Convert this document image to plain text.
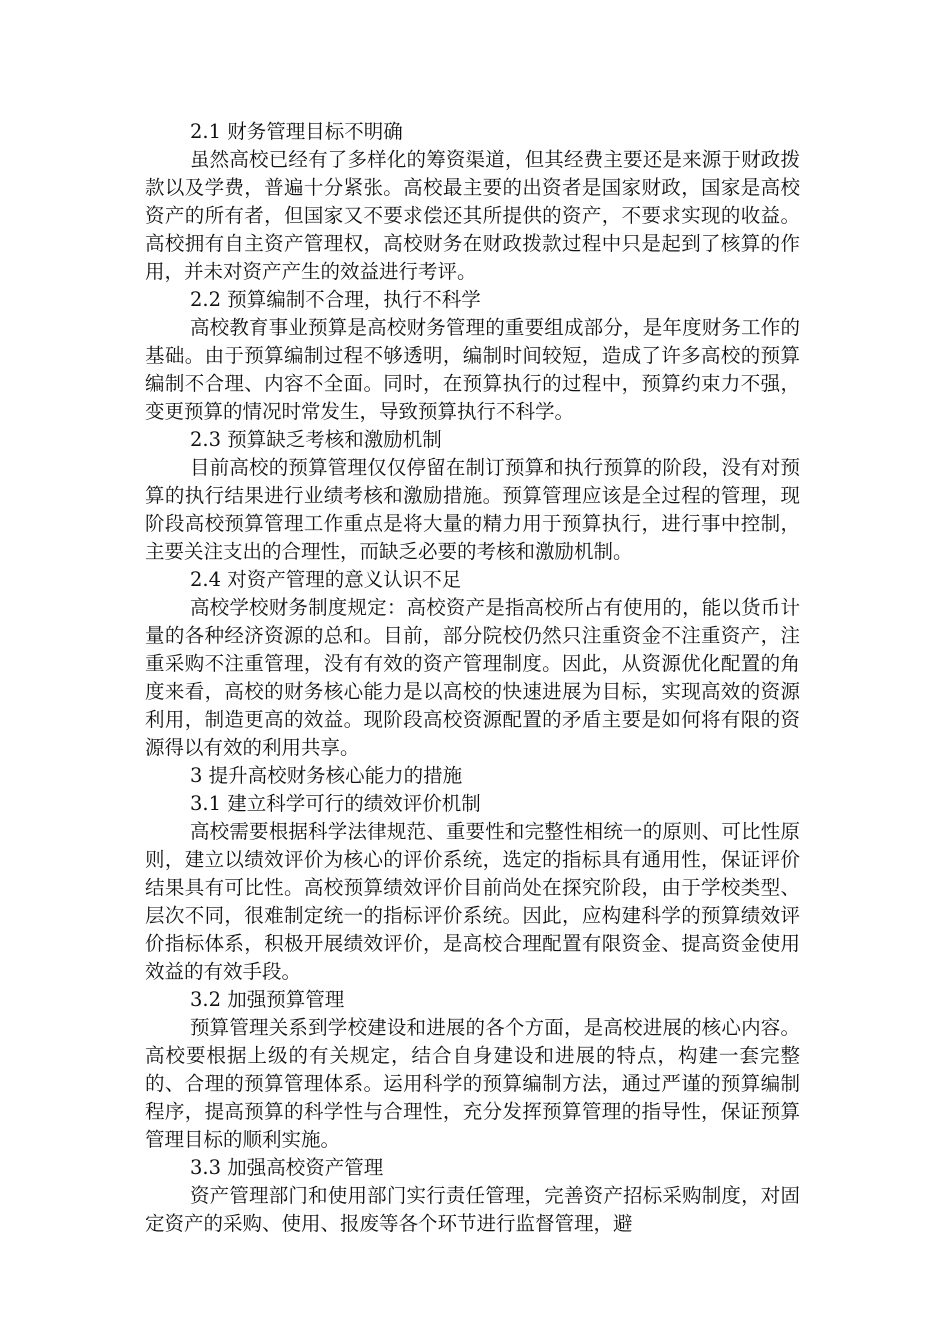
2.1 财务管理目标不明确

虽然高校已经有了多样化的筹资渠道，但其经费主要还是来源于财政拨款以及学费，普遍十分紧张。高校最主要的出资者是国家财政，国家是高校资产的所有者，但国家又不要求偿还其所提供的资产，不要求实现的收益。高校拥有自主资产管理权，高校财务在财政拨款过程中只是起到了核算的作用，并未对资产产生的效益进行考评。

2.2 预算编制不合理，执行不科学

高校教育事业预算是高校财务管理的重要组成部分，是年度财务工作的基础。由于预算编制过程不够透明，编制时间较短，造成了许多高校的预算编制不合理、内容不全面。同时，在预算执行的过程中，预算约束力不强，变更预算的情况时常发生，导致预算执行不科学。

2.3 预算缺乏考核和激励机制

目前高校的预算管理仅仅停留在制订预算和执行预算的阶段，没有对预算的执行结果进行业绩考核和激励措施。预算管理应该是全过程的管理，现阶段高校预算管理工作重点是将大量的精力用于预算执行，进行事中控制，主要关注支出的合理性，而缺乏必要的考核和激励机制。

2.4 对资产管理的意义认识不足

高校学校财务制度规定：高校资产是指高校所占有使用的，能以货币计量的各种经济资源的总和。目前，部分院校仍然只注重资金不注重资产，注重采购不注重管理，没有有效的资产管理制度。因此，从资源优化配置的角度来看，高校的财务核心能力是以高校的快速进展为目标，实现高效的资源利用，制造更高的效益。现阶段高校资源配置的矛盾主要是如何将有限的资源得以有效的利用共享。

3 提升高校财务核心能力的措施

3.1 建立科学可行的绩效评价机制

高校需要根据科学法律规范、重要性和完整性相统一的原则、可比性原则，建立以绩效评价为核心的评价系统，选定的指标具有通用性，保证评价结果具有可比性。高校预算绩效评价目前尚处在探究阶段，由于学校类型、层次不同，很难制定统一的指标评价系统。因此，应构建科学的预算绩效评价指标体系，积极开展绩效评价，是高校合理配置有限资金、提高资金使用效益的有效手段。

3.2 加强预算管理

预算管理关系到学校建设和进展的各个方面，是高校进展的核心内容。高校要根据上级的有关规定，结合自身建设和进展的特点，构建一套完整的、合理的预算管理体系。运用科学的预算编制方法，通过严谨的预算编制程序，提高预算的科学性与合理性，充分发挥预算管理的指导性，保证预算管理目标的顺利实施。

3.3 加强高校资产管理

资产管理部门和使用部门实行责任管理，完善资产招标采购制度，对固定资产的采购、使用、报废等各个环节进行监督管理，避
